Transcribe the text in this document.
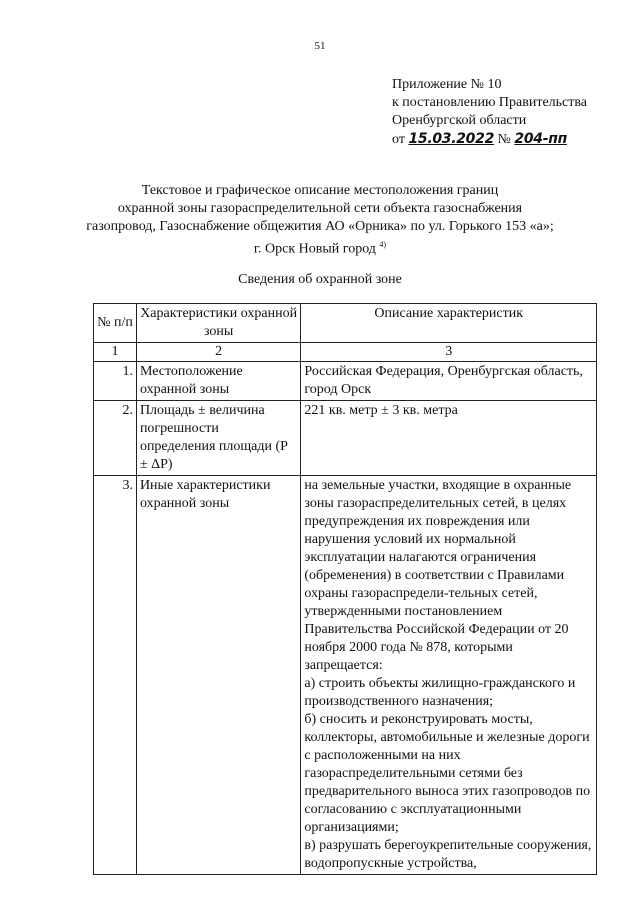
51
Приложение № 10
к постановлению Правительства
Оренбургской области
от 15.03.2022 № 204-пп
Текстовое и графическое описание местоположения границ
охранной зоны газораспределительной сети объекта газоснабжения
газопровод, Газоснабжение общежития АО «Орника» по ул. Горького 153 «а»;
г. Орск Новый город $^{4)}$
Сведения об охранной зоне
№ п/п	Характеристики охранной зоны	Описание характеристик
1	2	3
1.	Местоположение охранной зоны	Российская Федерация, Оренбургская область, город Орск
2.	Площадь ± величина погрешности определения площади (Р ± ΔР)	221 кв. метр ± 3 кв. метра
3.	Иные характеристики охранной зоны	на земельные участки, входящие в охранные зоны газораспределительных сетей, в целях предупреждения их повреждения или нарушения условий их нормальной эксплуатации налагаются ограничения (обременения) в соответствии с Правилами охраны газораспредели-тельных сетей, утвержденными постановлением Правительства Российской Федерации от 20 ноября 2000 года № 878, которыми запрещается:
а) строить объекты жилищно-гражданского и производственного назначения;
б) сносить и реконструировать мосты, коллекторы, автомобильные и железные дороги с расположенными на них газораспределительными сетями без предварительного выноса этих газопроводов по согласованию с эксплуатационными организациями;
в) разрушать берегоукрепительные сооружения, водопропускные устройства,
